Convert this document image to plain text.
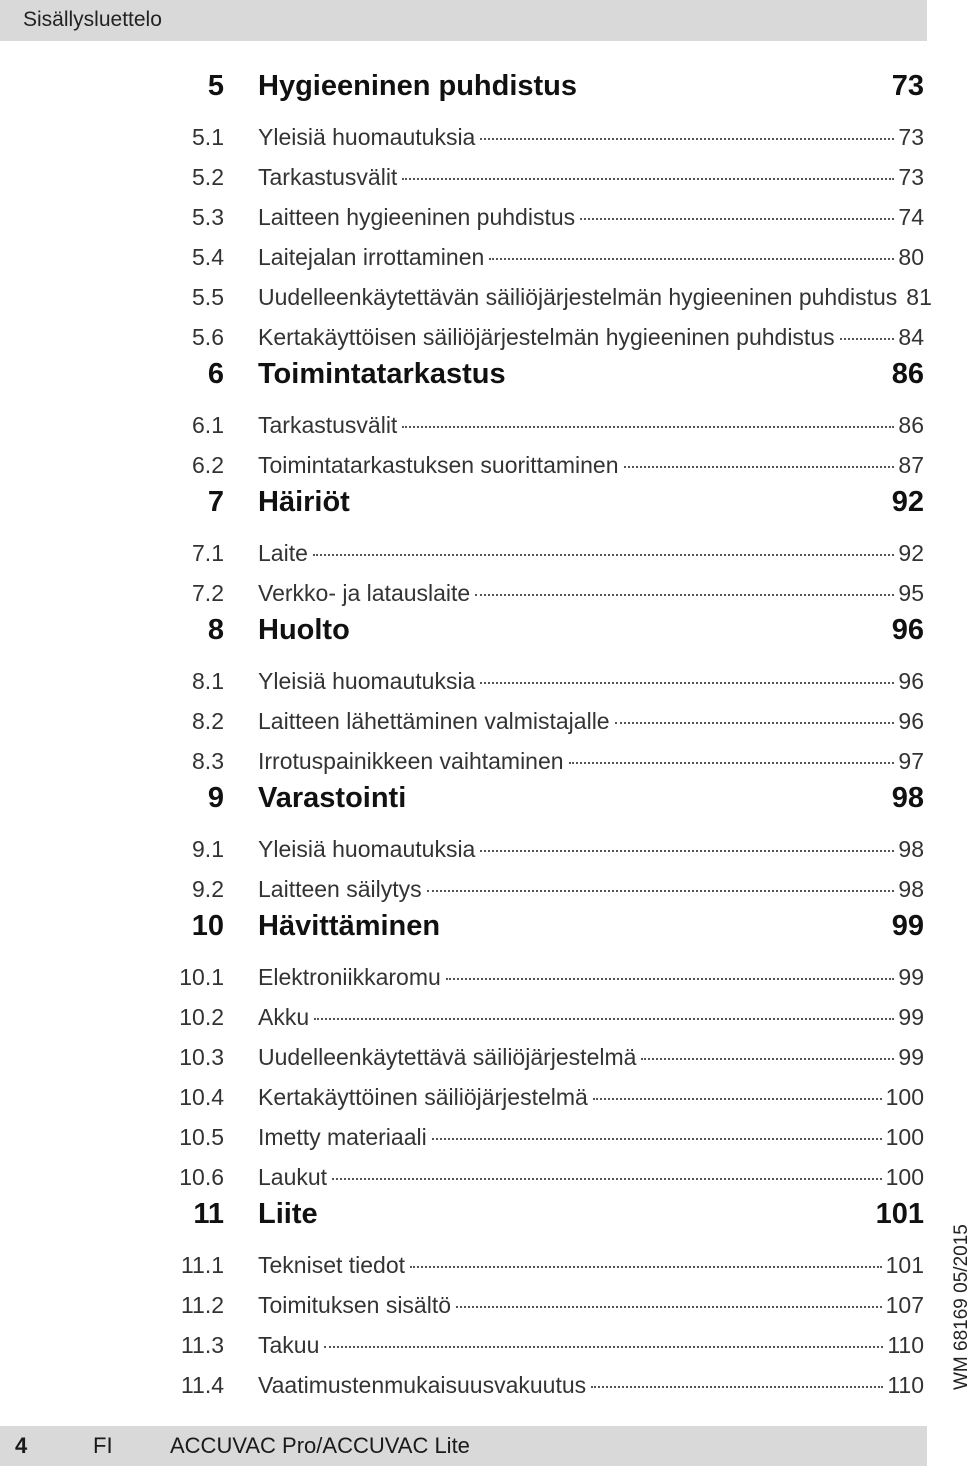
Sisällysluettelo
5 Hygieeninen puhdistus	73
5.1 Yleisiä huomautuksia	73
5.2 Tarkastusvälit	73
5.3 Laitteen hygieeninen puhdistus	74
5.4 Laitejalan irrottaminen	80
5.5 Uudelleenkäytettävän säiliöjärjestelmän hygieeninen puhdistus 81
5.6 Kertakäyttöisen säiliöjärjestelmän hygieeninen puhdistus	84
6 Toimintatarkastus	86
6.1 Tarkastusvälit	86
6.2 Toimintatarkastuksen suorittaminen	87
7 Häiriöt	92
7.1 Laite	92
7.2 Verkko- ja latauslaite	95
8 Huolto	96
8.1 Yleisiä huomautuksia	96
8.2 Laitteen lähettäminen valmistajalle	96
8.3 Irrotuspainikkeen vaihtaminen	97
9 Varastointi	98
9.1 Yleisiä huomautuksia	98
9.2 Laitteen säilytys	98
10 Hävittäminen	99
10.1 Elektroniikkaromu	99
10.2 Akku	99
10.3 Uudelleenkäytettävä säiliöjärjestelmä	99
10.4 Kertakäyttöinen säiliöjärjestelmä	100
10.5 Imetty materiaali	100
10.6 Laukut	100
11 Liite	101
11.1 Tekniset tiedot	101
11.2 Toimituksen sisältö	107
11.3 Takuu	110
11.4 Vaatimustenmukaisuusvakuutus	110 WM 68169 05/2015
4	FI	ACCUVAC Pro/ACCUVAC Lite
